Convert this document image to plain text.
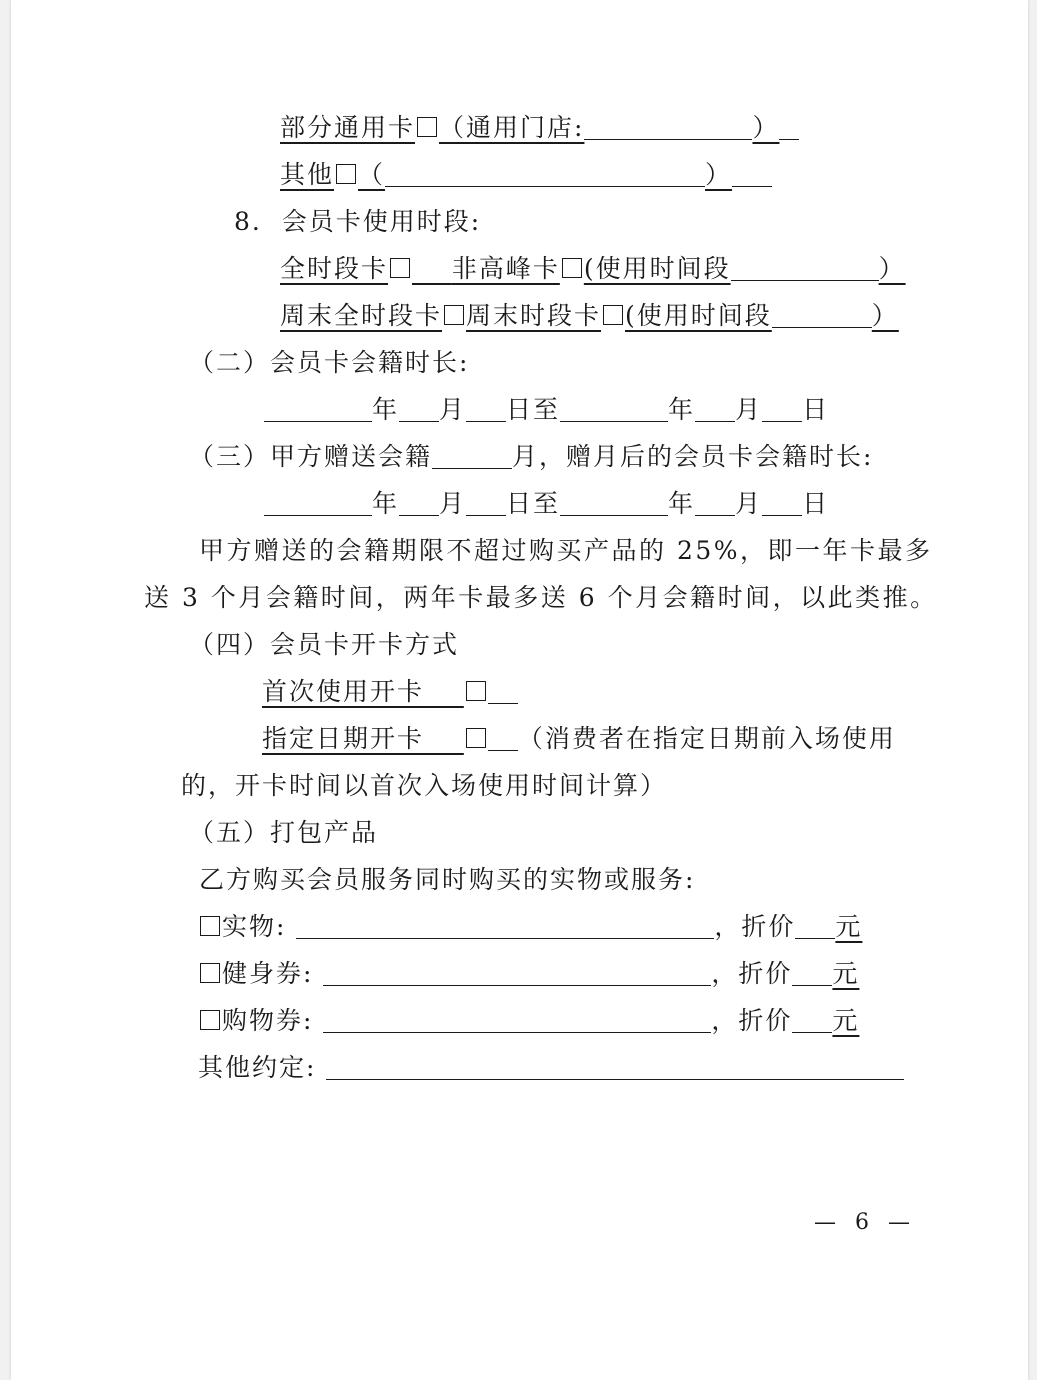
部分通用卡 （通用门店:	）
其他 （	）
8. 会员卡使用时段:
全时段卡	非高峰卡 (使用时间段	）
周末全时段卡 周末时段卡 (使用时间段	）
（二）会员卡会籍时长:
年 月 日至	年 月 日
（三）甲方赠送会籍	月，赠月后的会员卡会籍时长:
年 月 日至	年 月 日
甲方赠送的会籍期限不超过购买产品的 25%，即一年卡最多
送 3 个月会籍时间，两年卡最多送 6 个月会籍时间，以此类推。
（四）会员卡开卡方式
首次使用开卡
指定日期开卡	（消费者在指定日期前入场使用
的，开卡时间以首次入场使用时间计算）
（五）打包产品
乙方购买会员服务同时购买的实物或服务:
实物:	，折价 元
健身券:	，折价 元
购物券:	，折价 元
其他约定:
— 6 —
